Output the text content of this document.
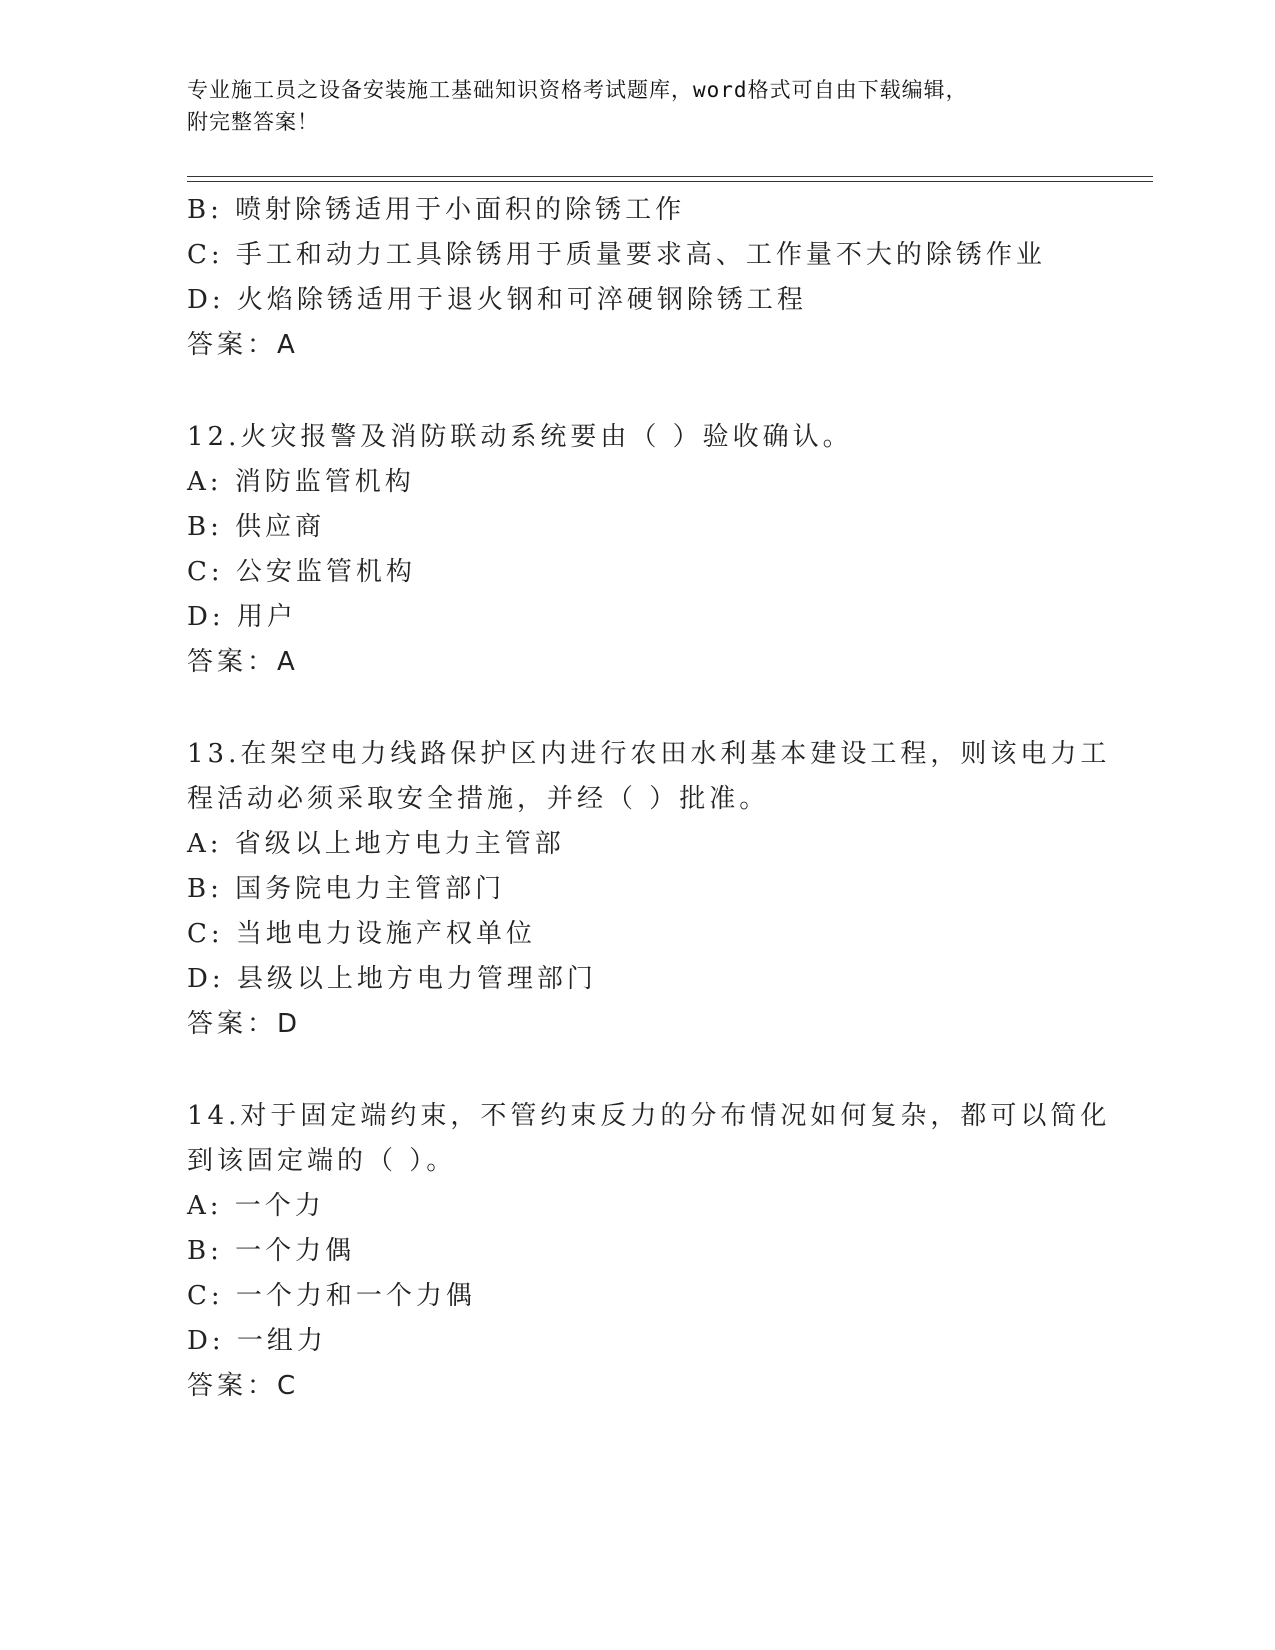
专业施工员之设备安装施工基础知识资格考试题库，word格式可自由下载编辑，
附完整答案！
B: 喷射除锈适用于小面积的除锈工作
C: 手工和动力工具除锈用于质量要求高、工作量不大的除锈作业
D: 火焰除锈适用于退火钢和可淬硬钢除锈工程
答案：A
12.火灾报警及消防联动系统要由（ ）验收确认。
A: 消防监管机构
B: 供应商
C: 公安监管机构
D: 用户
答案：A
13.在架空电力线路保护区内进行农田水利基本建设工程，则该电力工
程活动必须采取安全措施，并经（ ）批准。
A: 省级以上地方电力主管部
B: 国务院电力主管部门
C: 当地电力设施产权单位
D: 县级以上地方电力管理部门
答案：D
14.对于固定端约束，不管约束反力的分布情况如何复杂，都可以简化
到该固定端的（ ）。
A: 一个力
B: 一个力偶
C: 一个力和一个力偶
D: 一组力
答案：C
